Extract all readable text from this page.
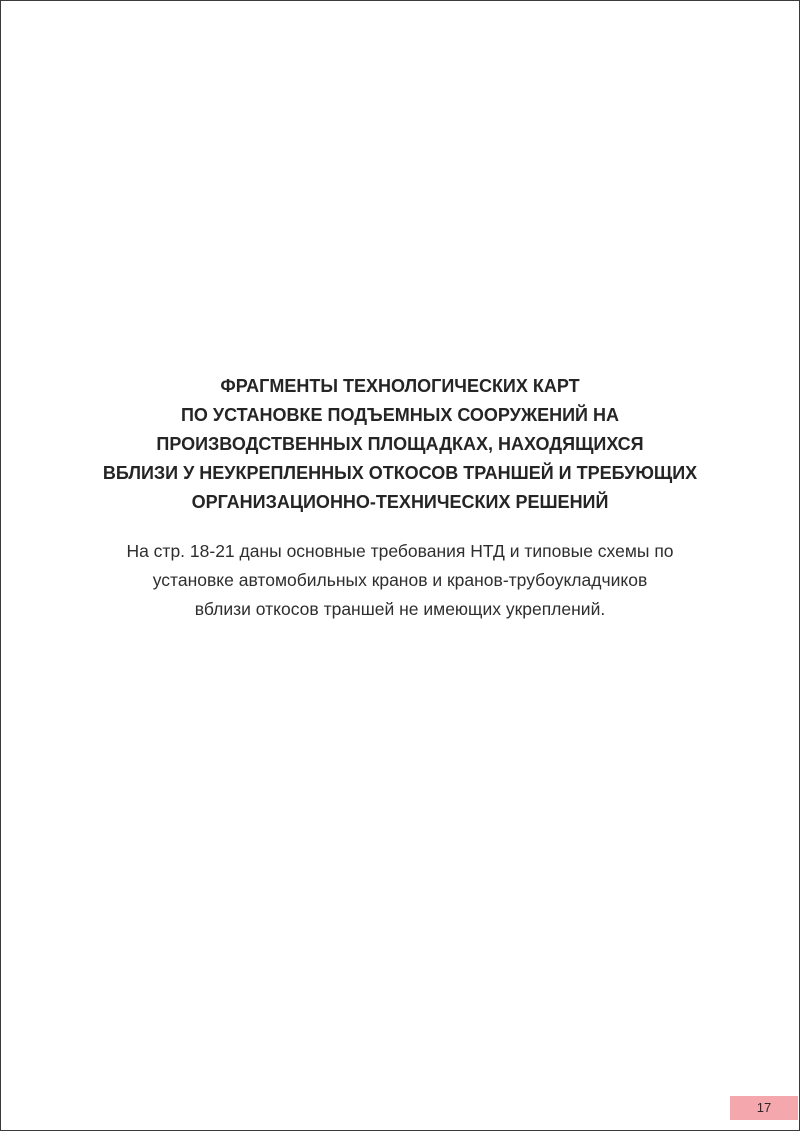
ФРАГМЕНТЫ ТЕХНОЛОГИЧЕСКИХ КАРТ
ПО УСТАНОВКЕ ПОДЪЕМНЫХ СООРУЖЕНИЙ НА
ПРОИЗВОДСТВЕННЫХ ПЛОЩАДКАХ, НАХОДЯЩИХСЯ
ВБЛИЗИ У НЕУКРЕПЛЕННЫХ ОТКОСОВ ТРАНШЕЙ И ТРЕБУЮЩИХ
ОРГАНИЗАЦИОННО-ТЕХНИЧЕСКИХ РЕШЕНИЙ
На стр. 18-21 даны основные требования НТД и типовые схемы по
установке автомобильных кранов и кранов-трубоукладчиков
вблизи откосов траншей не имеющих укреплений.
17
